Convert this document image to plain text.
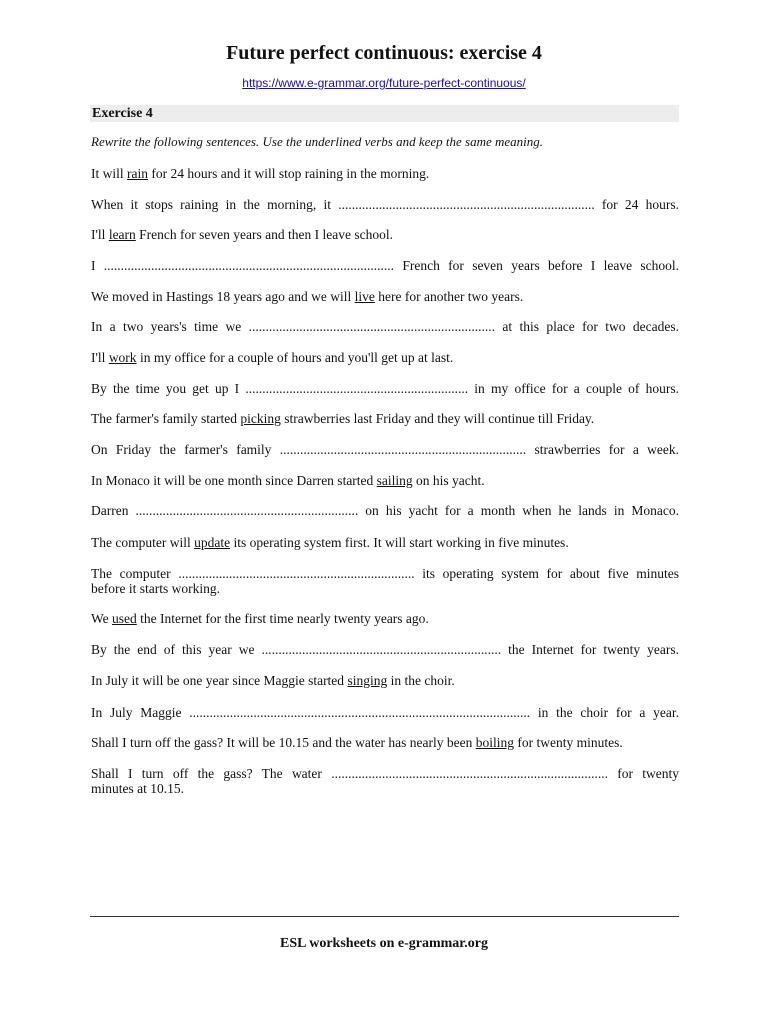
Future perfect continuous: exercise 4
https://www.e-grammar.org/future-perfect-continuous/
Exercise 4
Rewrite the following sentences. Use the underlined verbs and keep the same meaning.
It will rain for 24 hours and it will stop raining in the morning.
When it stops raining in the morning, it ............................................................................ for 24 hours.
I'll learn French for seven years and then I leave school.
I ...................................................................................... French for seven years before I leave school.
We moved in Hastings 18 years ago and we will live here for another two years.
In a two years's time we ......................................................................... at this place for two decades.
I'll work in my office for a couple of hours and you'll get up at last.
By the time you get up I .................................................................. in my office for a couple of hours.
The farmer's family started picking strawberries last Friday and they will continue till Friday.
On Friday the farmer's family ......................................................................... strawberries for a week.
In Monaco it will be one month since Darren started sailing on his yacht.
Darren .................................................................. on his yacht for a month when he lands in Monaco.
The computer will update its operating system first. It will start working in five minutes.
The computer ...................................................................... its operating system for about five minutes
before it starts working.
We used the Internet for the first time nearly twenty years ago.
By the end of this year we ....................................................................... the Internet for twenty years.
In July it will be one year since Maggie started singing in the choir.
In July Maggie ..................................................................................................... in the choir for a year.
Shall I turn off the gass? It will be 10.15 and the water has nearly been boiling for twenty minutes.
Shall I turn off the gass? The water .................................................................................. for twenty
minutes at 10.15.
ESL worksheets on e-grammar.org
